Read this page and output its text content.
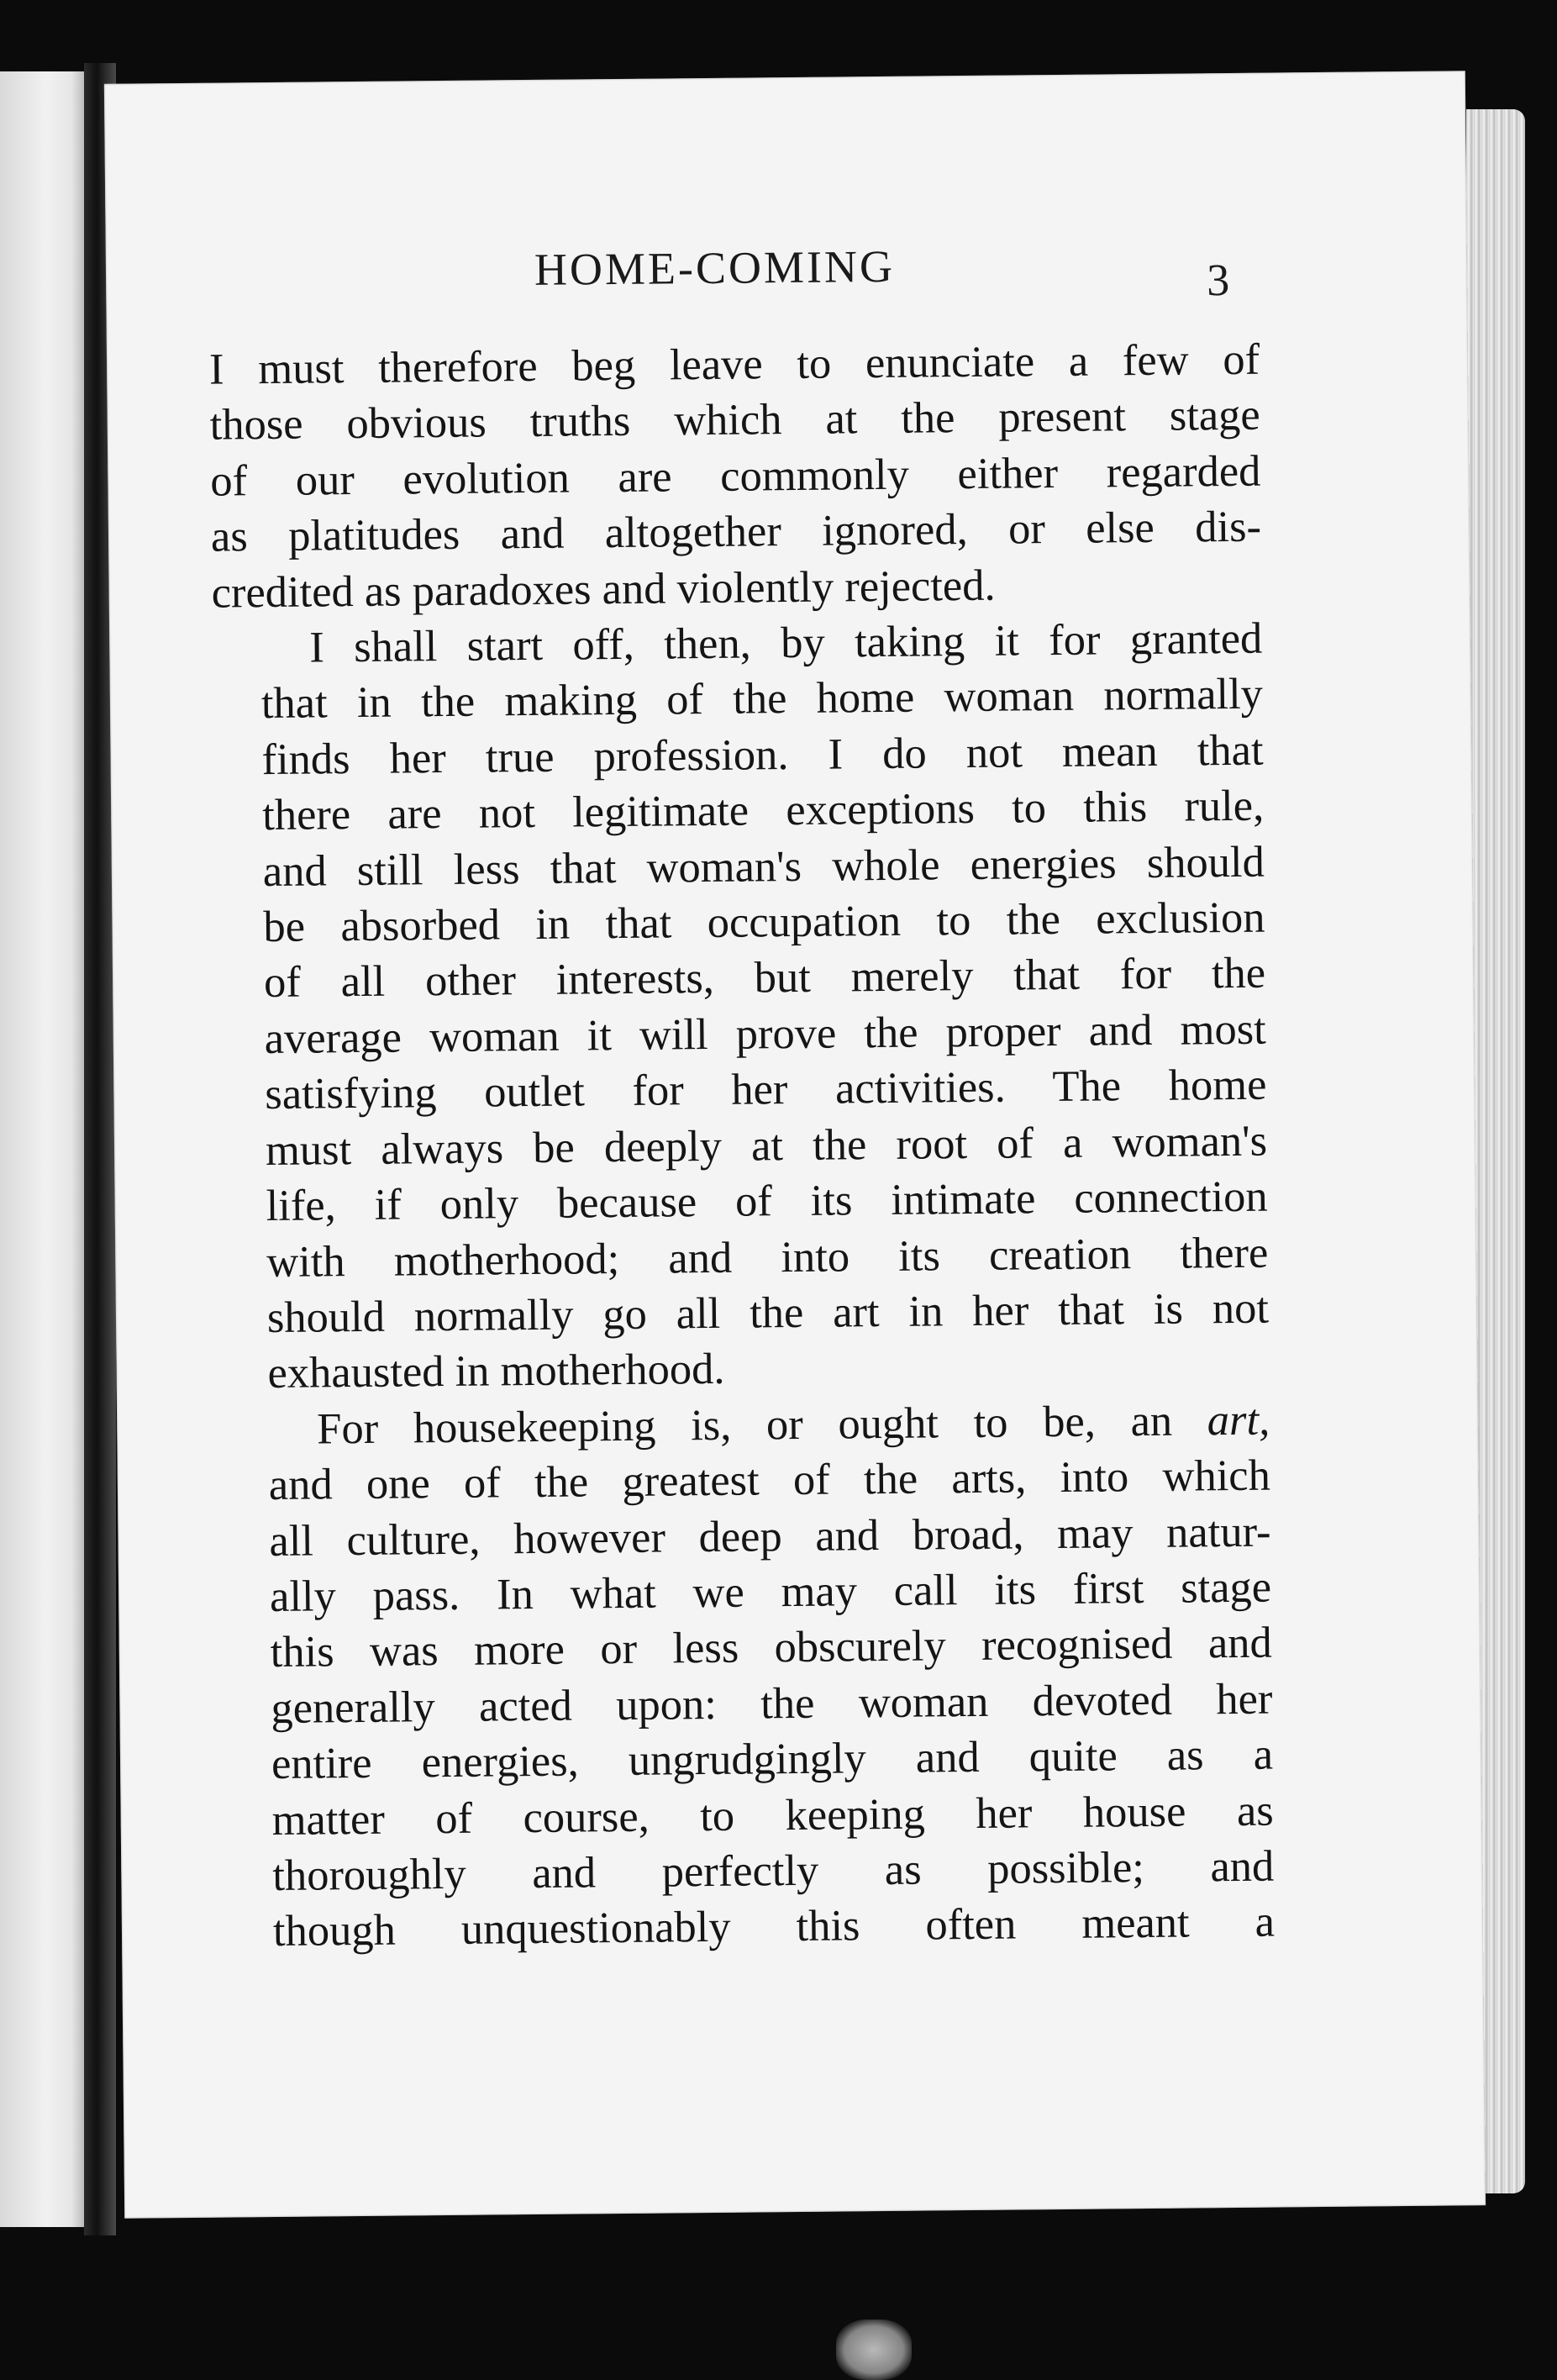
HOME-COMING	3

I must therefore beg leave to enunciate a few of
those obvious truths which at the present stage
of our evolution are commonly either regarded
as platitudes and altogether ignored, or else dis-
credited as paradoxes and violently rejected.

I shall start off, then, by taking it for granted
that in the making of the home woman normally
finds her true profession. I do not mean that
there are not legitimate exceptions to this rule,
and still less that woman's whole energies should
be absorbed in that occupation to the exclusion
of all other interests, but merely that for the
average woman it will prove the proper and most
satisfying outlet for her activities. The home
must always be deeply at the root of a woman's
life, if only because of its intimate connection
with motherhood; and into its creation there
should normally go all the art in her that is not
exhausted in motherhood.

For housekeeping is, or ought to be, an art,
and one of the greatest of the arts, into which
all culture, however deep and broad, may natur-
ally pass. In what we may call its first stage
this was more or less obscurely recognised and
generally acted upon: the woman devoted her
entire energies, ungrudgingly and quite as a
matter of course, to keeping her house as
thoroughly and perfectly as possible; and
though unquestionably this often meant a
